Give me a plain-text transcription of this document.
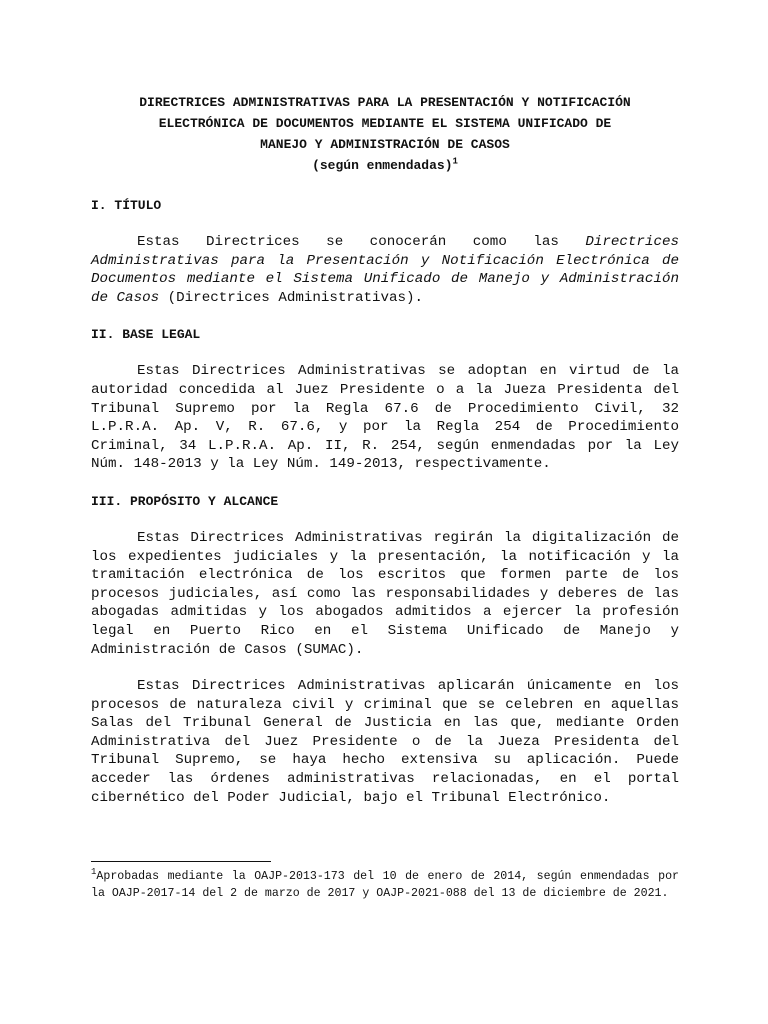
DIRECTRICES ADMINISTRATIVAS PARA LA PRESENTACIÓN Y NOTIFICACIÓN
ELECTRÓNICA DE DOCUMENTOS MEDIANTE EL SISTEMA UNIFICADO DE
MANEJO Y ADMINISTRACIÓN DE CASOS
(según enmendadas)$^1$
I. TÍTULO

Estas Directrices se conocerán como las Directrices Administrativas para la Presentación y Notificación Electrónica de Documentos mediante el Sistema Unificado de Manejo y Administración de Casos (Directrices Administrativas).

II. BASE LEGAL

Estas Directrices Administrativas se adoptan en virtud de la autoridad concedida al Juez Presidente o a la Jueza Presidenta del Tribunal Supremo por la Regla 67.6 de Procedimiento Civil, 32 L.P.R.A. Ap. V, R. 67.6, y por la Regla 254 de Procedimiento Criminal, 34 L.P.R.A. Ap. II, R. 254, según enmendadas por la Ley Núm. 148-2013 y la Ley Núm. 149-2013, respectivamente.

III. PROPÓSITO Y ALCANCE

Estas Directrices Administrativas regirán la digitalización de los expedientes judiciales y la presentación, la notificación y la tramitación electrónica de los escritos que formen parte de los procesos judiciales, así como las responsabilidades y deberes de las abogadas admitidas y los abogados admitidos a ejercer la profesión legal en Puerto Rico en el Sistema Unificado de Manejo y Administración de Casos (SUMAC).

Estas Directrices Administrativas aplicarán únicamente en los procesos de naturaleza civil y criminal que se celebren en aquellas Salas del Tribunal General de Justicia en las que, mediante Orden Administrativa del Juez Presidente o de la Jueza Presidenta del Tribunal Supremo, se haya hecho extensiva su aplicación. Puede acceder las órdenes administrativas relacionadas, en el portal cibernético del Poder Judicial, bajo el Tribunal Electrónico.

$^1$Aprobadas mediante la OAJP-2013-173 del 10 de enero de 2014, según enmendadas por la OAJP-2017-14 del 2 de marzo de 2017 y OAJP-2021-088 del 13 de diciembre de 2021.
